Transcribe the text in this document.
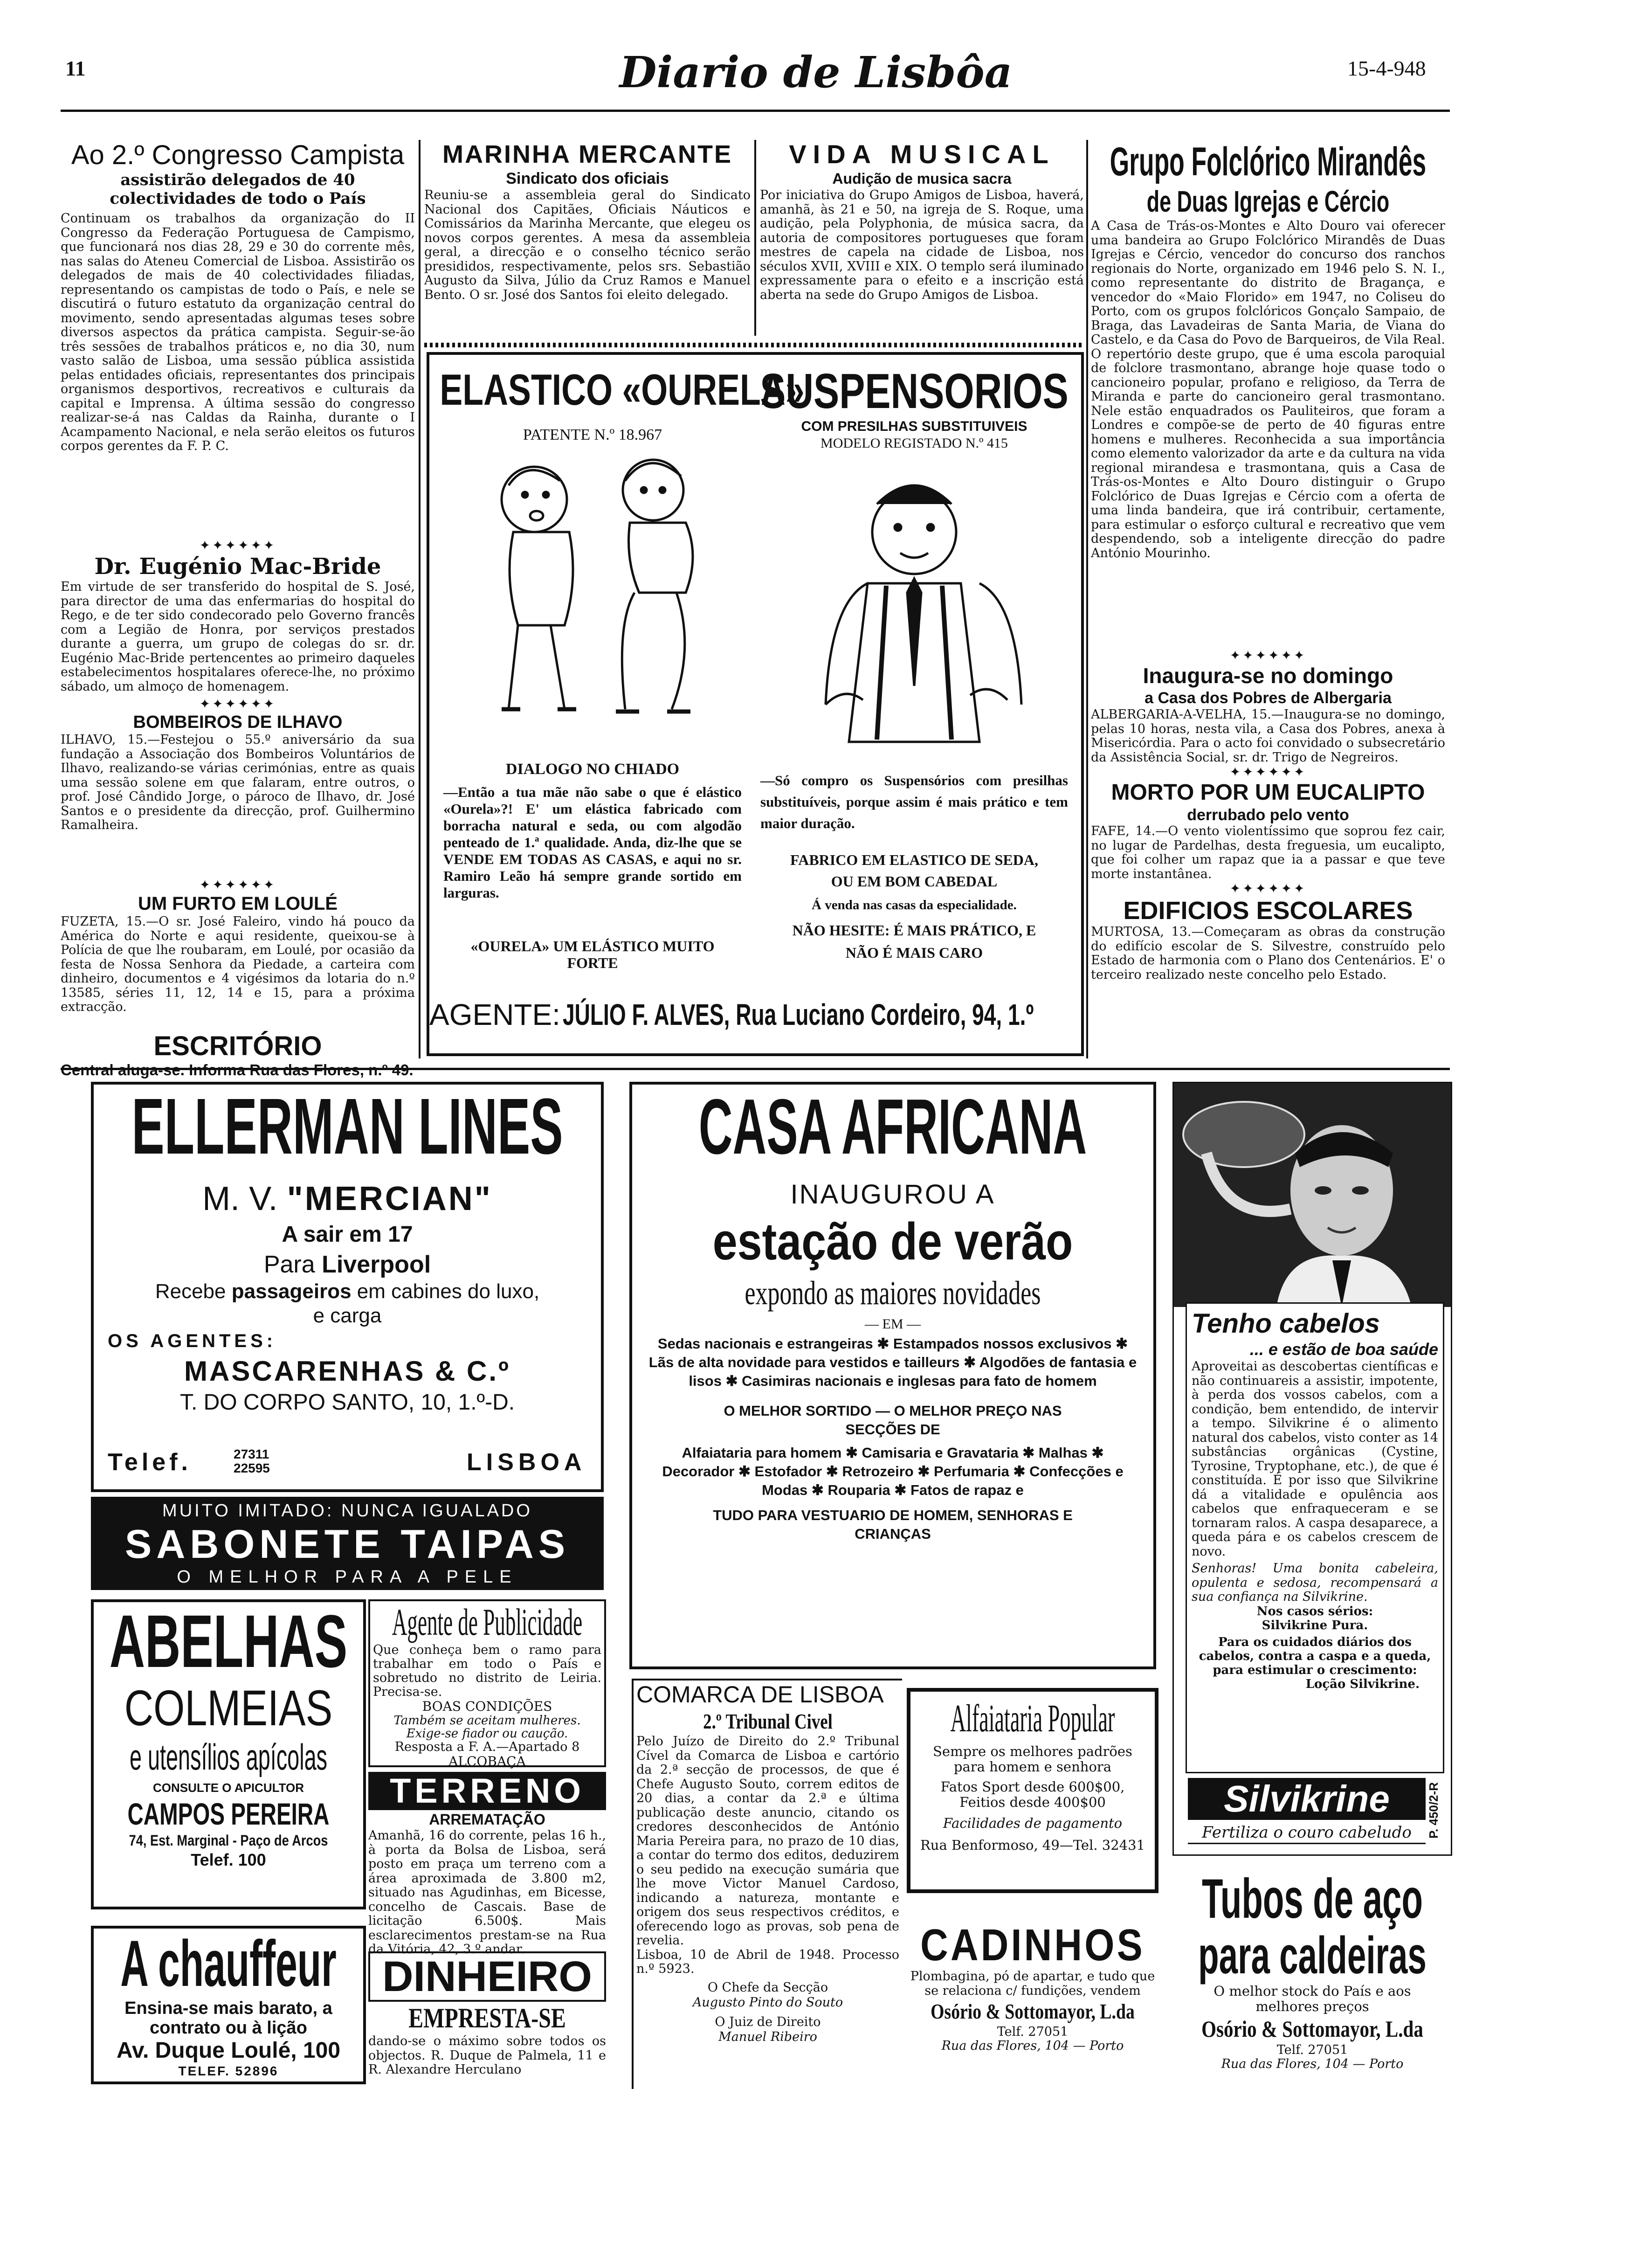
11	Diario de Lisbôa	15-4-948
Ao 2.º Congresso Campista
assistirão delegados de 40 colectividades de todo o País
Continuam os trabalhos da organização do II Congresso da Federação Portuguesa de Campismo, que funcionará nos dias 28, 29 e 30 do corrente mês, nas salas do Ateneu Comercial de Lisboa. Assistirão os delegados de mais de 40 colectividades filiadas, representando os campistas de todo o País, e nele se discutirá o futuro estatuto da organização central do movimento, sendo apresentadas algumas teses sobre diversos aspectos da prática campista. Seguir-se-ão três sessões de trabalhos práticos e, no dia 30, num vasto salão de Lisboa, uma sessão pública assistida pelas entidades oficiais, representantes dos principais organismos desportivos, recreativos e culturais da capital e Imprensa. A última sessão do congresso realizar-se-á nas Caldas da Rainha, durante o I Acampamento Nacional, e nela serão eleitos os futuros corpos gerentes da F. P. C.
✦✦✦✦✦✦
Dr. Eugénio Mac-Bride
Em virtude de ser transferido do hospital de S. José, para director de uma das enfermarias do hospital do Rego, e de ter sido condecorado pelo Governo francês com a Legião de Honra, por serviços prestados durante a guerra, um grupo de colegas do sr. dr. Eugénio Mac-Bride pertencentes ao primeiro daqueles estabelecimentos hospitalares oferece-lhe, no próximo sábado, um almoço de homenagem.
✦✦✦✦✦✦
BOMBEIROS DE ILHAVO
ILHAVO, 15.—Festejou o 55.º aniversário da sua fundação a Associação dos Bombeiros Voluntários de Ilhavo, realizando-se várias cerimónias, entre as quais uma sessão solene em que falaram, entre outros, o prof. José Cândido Jorge, o pároco de Ilhavo, dr. José Santos e o presidente da direcção, prof. Guilhermino Ramalheira.
✦✦✦✦✦✦
UM FURTO EM LOULÉ
FUZETA, 15.—O sr. José Faleiro, vindo há pouco da América do Norte e aqui residente, queixou-se à Polícia de que lhe roubaram, em Loulé, por ocasião da festa de Nossa Senhora da Piedade, a carteira com dinheiro, documentos e 4 vigésimos da lotaria do n.º 13585, séries 11, 12, 14 e 15, para a próxima extracção.
ESCRITÓRIO
MARINHA MERCANTE
Sindicato dos oficiais
Reuniu-se a assembleia geral do Sindicato Nacional dos Capitães, Oficiais Náuticos e Comissários da Marinha Mercante, que elegeu os novos corpos gerentes. A mesa da assembleia geral, a direcção e o conselho técnico serão presididos, respectivamente, pelos srs. Sebastião Augusto da Silva, Júlio da Cruz Ramos e Manuel Bento. O sr. José dos Santos foi eleito delegado.
VIDA MUSICAL
Audição de musica sacra
Por iniciativa do Grupo Amigos de Lisboa, haverá, amanhã, às 21 e 50, na igreja de S. Roque, uma audição, pela Polyphonia, de música sacra, da autoria de compositores portugueses que foram mestres de capela na cidade de Lisboa, nos séculos XVII, XVIII e XIX. O templo será iluminado expressamente para o efeito e a inscrição está aberta na sede do Grupo Amigos de Lisboa.
ELASTICO «OURELA»
PATENTE N.º 18.967
DIALOGO NO CHIADO
—Então a tua mãe não sabe o que é elástico «Ourela»?! E' um elástica fabricado com borracha natural e seda, ou com algodão penteado de 1.ª qualidade. Anda, diz-lhe que se VENDE EM TODAS AS CASAS, e aqui no sr. Ramiro Leão há sempre grande sortido em larguras.
«OURELA» UM ELÁSTICO MUITO FORTE
SUSPENSORIOS
COM PRESILHAS SUBSTITUIVEIS
MODELO REGISTADO N.º 415
—Só compro os Suspensórios com presilhas substituíveis, porque assim é mais prático e tem maior duração.
FABRICO EM ELASTICO DE SEDA, OU EM BOM CABEDAL
Á venda nas casas da especialidade.
NÃO HESITE: É MAIS PRÁTICO, E NÃO É MAIS CARO
AGENTE: JÚLIO F. ALVES, Rua Luciano Cordeiro, 94, 1.º
Grupo Folclórico Mirandês
de Duas Igrejas e Cércio
A Casa de Trás-os-Montes e Alto Douro vai oferecer uma bandeira ao Grupo Folclórico Mirandês de Duas Igrejas e Cércio, vencedor do concurso dos ranchos regionais do Norte, organizado em 1946 pelo S. N. I., como representante do distrito de Bragança, e vencedor do «Maio Florido» em 1947, no Coliseu do Porto, com os grupos folclóricos Gonçalo Sampaio, de Braga, das Lavadeiras de Santa Maria, de Viana do Castelo, e da Casa do Povo de Barqueiros, de Vila Real. O repertório deste grupo, que é uma escola paroquial de folclore trasmontano, abrange hoje quase todo o cancioneiro popular, profano e religioso, da Terra de Miranda e parte do cancioneiro geral trasmontano. Nele estão enquadrados os Pauliteiros, que foram a Londres e compõe-se de perto de 40 figuras entre homens e mulheres. Reconhecida a sua importância como elemento valorizador da arte e da cultura na vida regional mirandesa e trasmontana, quis a Casa de Trás-os-Montes e Alto Douro distinguir o Grupo Folclórico de Duas Igrejas e Cércio com a oferta de uma linda bandeira, que irá contribuir, certamente, para estimular o esforço cultural e recreativo que vem despendendo, sob a inteligente direcção do padre António Mourinho.
✦✦✦✦✦✦
Inaugura-se no domingo
a Casa dos Pobres de Albergaria
ALBERGARIA-A-VELHA, 15.—Inaugura-se no domingo, pelas 10 horas, nesta vila, a Casa dos Pobres, anexa à Misericórdia. Para o acto foi convidado o subsecretário da Assistência Social, sr. dr. Trigo de Negreiros.
✦✦✦✦✦✦
MORTO POR UM EUCALIPTO
derrubado pelo vento
FAFE, 14.—O vento violentíssimo que soprou fez cair, no lugar de Pardelhas, desta freguesia, um eucalipto, que foi colher um rapaz que ia a passar e que teve morte instantânea.
✦✦✦✦✦✦
EDIFICIOS ESCOLARES
MURTOSA, 13.—Começaram as obras da construção do edifício escolar de S. Silvestre, construído pelo Estado de harmonia com o Plano dos Centenários. E' o terceiro realizado neste concelho pelo Estado.
ELLERMAN LINES
M. V. "MERCIAN"
A sair em 17
Para Liverpool
Recebe passageiros em cabines do luxo,
e carga
OS AGENTES:
MASCARENHAS & C.º
T. DO CORPO SANTO, 10, 1.º-D.
Telef.	27311
22595	LISBOA
MUITO IMITADO: NUNCA IGUALADO
SABONETE TAIPAS
O MELHOR PARA A PELE
ABELHAS
COLMEIAS
e utensílios apícolas
CONSULTE O APICULTOR
CAMPOS PEREIRA
74, Est. Marginal - Paço de Arcos
Telef. 100
A chauffeur
Ensina-se mais barato, a contrato ou à lição
Av. Duque Loulé, 100
TELEF. 52896
Agente de Publicidade
Que conheça bem o ramo para trabalhar em todo o País e sobretudo no distrito de Leiria. Precisa-se.
BOAS CONDIÇÕES
Também se aceitam mulheres. Exige-se fiador ou caução.
Resposta a F. A.—Apartado 8
ALCOBAÇA
TERRENO
ARREMATAÇÃO
Amanhã, 16 do corrente, pelas 16 h., à porta da Bolsa de Lisboa, será posto em praça um terreno com a área aproximada de 3.800 m2, situado nas Agudinhas, em Bicesse, concelho de Cascais. Base de licitação 6.500$. Mais esclarecimentos prestam-se na Rua da Vitória, 42, 3.º andar.
DINHEIRO
EMPRESTA-SE
dando-se o máximo sobre todos os objectos. R. Duque de Palmela, 11 e R. Alexandre Herculano
CASA AFRICANA
INAUGUROU A
estação de verão
expondo as maiores novidades
— EM —
Sedas nacionais e estrangeiras ✱ Estampados nossos exclusivos ✱ Lãs de alta novidade para vestidos e tailleurs ✱ Algodões de fantasia e lisos ✱ Casimiras nacionais e inglesas para fato de homem
O MELHOR SORTIDO — O MELHOR PREÇO NAS SECÇÕES DE
Alfaiataria para homem ✱ Camisaria e Gravataria ✱ Malhas ✱ Decorador ✱ Estofador ✱ Retrozeiro ✱ Perfumaria ✱ Confecções e Modas ✱ Rouparia ✱ Fatos de rapaz e
TUDO PARA VESTUARIO DE HOMEM, SENHORAS E CRIANÇAS
COMARCA DE LISBOA
2.º Tribunal Civel
Pelo Juízo de Direito do 2.º Tribunal Cível da Comarca de Lisboa e cartório da 2.ª secção de processos, de que é Chefe Augusto Souto, correm editos de 20 dias, a contar da 2.ª e última publicação deste anuncio, citando os credores desconhecidos de António Maria Pereira para, no prazo de 10 dias, a contar do termo dos editos, deduzirem o seu pedido na execução sumária que lhe move Victor Manuel Cardoso, indicando a natureza, montante e origem dos seus respectivos créditos, e oferecendo logo as provas, sob pena de revelia.
Lisboa, 10 de Abril de 1948. Processo n.º 5923.
O Chefe da Secção
Augusto Pinto do Souto
O Juiz de Direito
Manuel Ribeiro
Alfaiataria Popular
Sempre os melhores padrões para homem e senhora
Fatos Sport desde 600$00, Feitios desde 400$00
Facilidades de pagamento
Rua Benformoso, 49—Tel. 32431
CADINHOS
Plombagina, pó de apartar, e tudo que se relaciona c/ fundições, vendem
Osório & Sottomayor, L.da
Telf. 27051
Rua das Flores, 104 — Porto
Tenho cabelos
... e estão de boa saúde
Aproveitai as descobertas científicas e não continuareis a assistir, impotente, à perda dos vossos cabelos, com a condição, bem entendido, de intervir a tempo. Silvikrine é o alimento natural dos cabelos, visto conter as 14 substâncias orgânicas (Cystine, Tyrosine, Tryptophane, etc.), de que é constituída. É por isso que Silvikrine dá a vitalidade e opulência aos cabelos que enfraqueceram e se tornaram ralos. A caspa desaparece, a queda pára e os cabelos crescem de novo.
Senhoras! Uma bonita cabeleira, opulenta e sedosa, recompensará a sua confiança na Silvikrine.
Nos casos sérios:
Silvikrine Pura.
Para os cuidados diários dos cabelos, contra a caspa e a queda, para estimular o crescimento:
Loção Silvikrine.
Silvikrine
Fertiliza o couro cabeludo	P. 450/2-R
Tubos de aço
para caldeiras
O melhor stock do País e aos melhores preços
Osório & Sottomayor, L.da
Telf. 27051
Rua das Flores, 104 — Porto
